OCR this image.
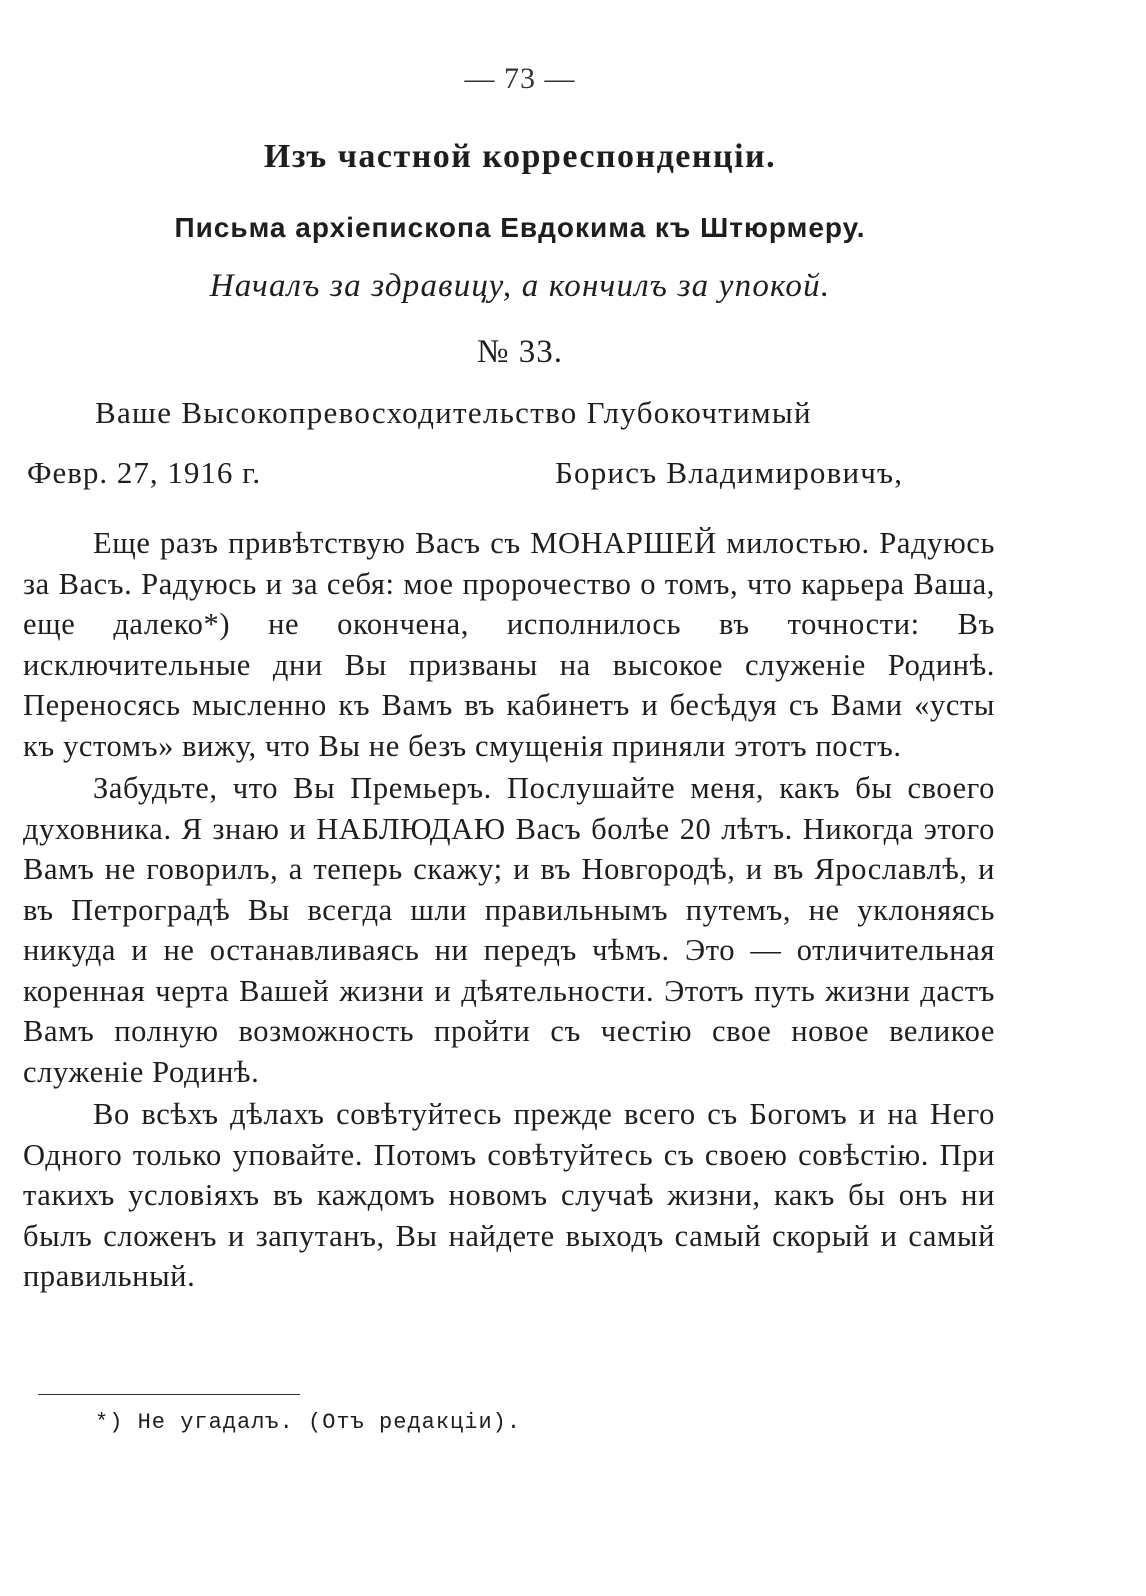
— 73 —
Изъ частной корреспонденціи.
Письма архіепископа Евдокима къ Штюрмеру.
Началъ за здравицу, а кончилъ за упокой.
№ 33.
Ваше Высокопревосходительство Глубокочтимый
Февр. 27, 1916 г.	Борисъ Владимировичъ,

Еще разъ привѣтствую Васъ съ МОНАРШЕЙ милостью. Радуюсь за Васъ. Радуюсь и за себя: мое пророчество о томъ, что карьера Ваша, еще далеко*) не окончена, исполнилось въ точности: Въ исключительные дни Вы призваны на высокое служеніе Родинѣ. Переносясь мысленно къ Вамъ въ кабинетъ и бесѣдуя съ Вами «усты къ устомъ» вижу, что Вы не безъ смущенія приняли этотъ постъ.

Забудьте, что Вы Премьеръ. Послушайте меня, какъ бы своего духовника. Я знаю и НАБЛЮДАЮ Васъ болѣе 20 лѣтъ. Никогда этого Вамъ не говорилъ, а теперь скажу; и въ Новгородѣ, и въ Ярославлѣ, и въ Петроградѣ Вы всегда шли правильнымъ путемъ, не уклоняясь никуда и не останавливаясь ни передъ чѣмъ. Это — отличительная коренная черта Вашей жизни и дѣятельности. Этотъ путь жизни дастъ Вамъ полную возможность пройти съ честію свое новое великое служеніе Родинѣ.

Во всѣхъ дѣлахъ совѣтуйтесь прежде всего съ Богомъ и на Него Одного только уповайте. Потомъ совѣтуйтесь съ своею совѣстію. При такихъ условіяхъ въ каждомъ новомъ случаѣ жизни, какъ бы онъ ни былъ сложенъ и запутанъ, Вы найдете выходъ самый скорый и самый правильный.

*) Не угадалъ. (Отъ редакціи).
